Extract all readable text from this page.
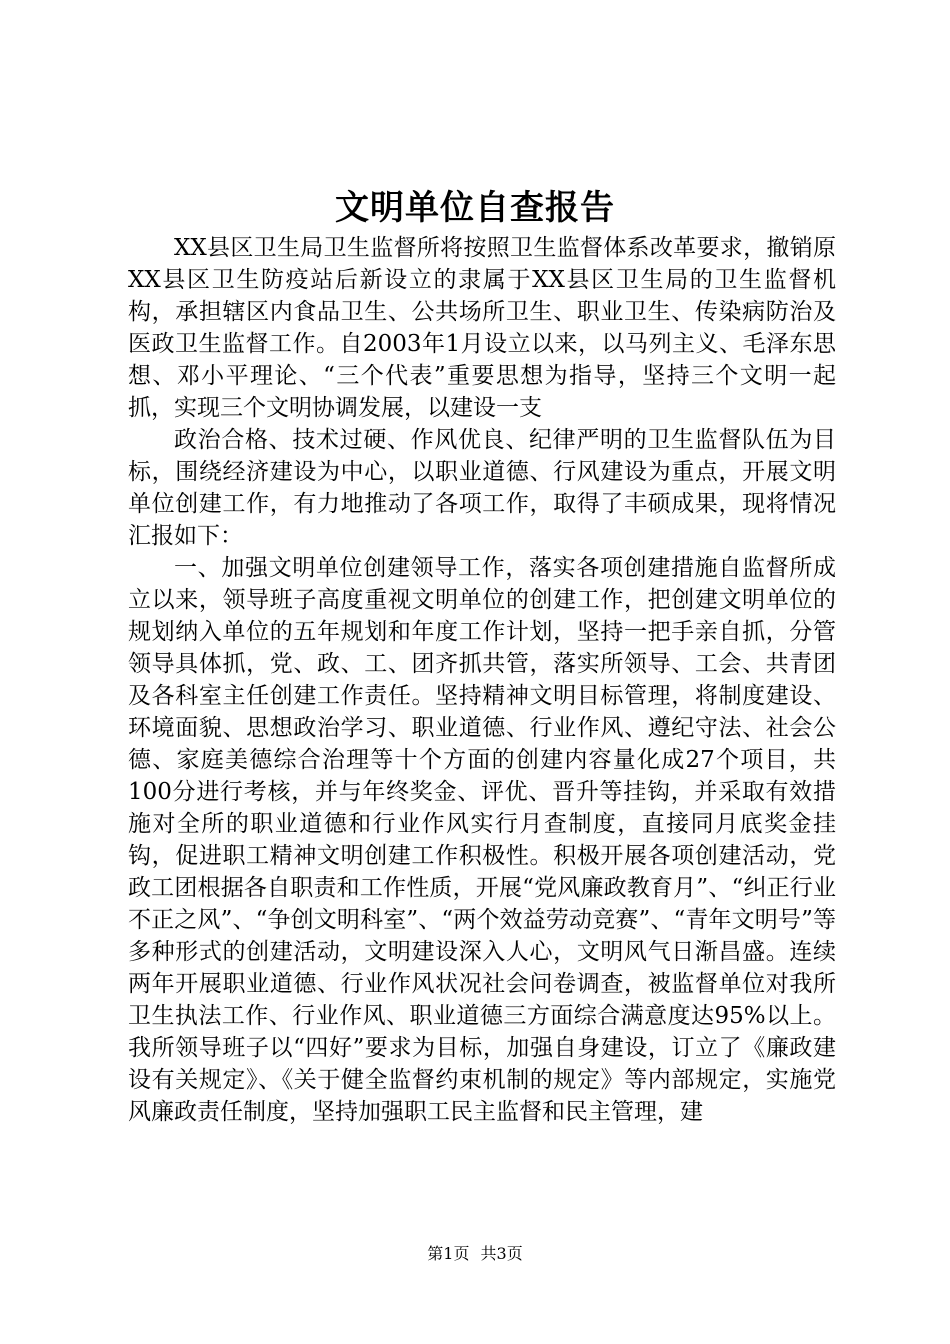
文明单位自查报告

XX县区卫生局卫生监督所将按照卫生监督体系改革要求，撤销原XX县区卫生防疫站后新设立的隶属于XX县区卫生局的卫生监督机构，承担辖区内食品卫生、公共场所卫生、职业卫生、传染病防治及医政卫生监督工作。自2003年1月设立以来，以马列主义、毛泽东思想、邓小平理论、“三个代表”重要思想为指导，坚持三个文明一起抓，实现三个文明协调发展，以建设一支

政治合格、技术过硬、作风优良、纪律严明的卫生监督队伍为目标，围绕经济建设为中心，以职业道德、行风建设为重点，开展文明单位创建工作，有力地推动了各项工作，取得了丰硕成果，现将情况汇报如下：

一、加强文明单位创建领导工作，落实各项创建措施自监督所成立以来，领导班子高度重视文明单位的创建工作，把创建文明单位的规划纳入单位的五年规划和年度工作计划，坚持一把手亲自抓，分管领导具体抓，党、政、工、团齐抓共管，落实所领导、工会、共青团及各科室主任创建工作责任。坚持精神文明目标管理，将制度建设、环境面貌、思想政治学习、职业道德、行业作风、遵纪守法、社会公德、家庭美德综合治理等十个方面的创建内容量化成27个项目，共100分进行考核，并与年终奖金、评优、晋升等挂钩，并采取有效措施对全所的职业道德和行业作风实行月查制度，直接同月底奖金挂钩，促进职工精神文明创建工作积极性。积极开展各项创建活动，党政工团根据各自职责和工作性质，开展“党风廉政教育月”、“纠正行业不正之风”、“争创文明科室”、“两个效益劳动竞赛”、“青年文明号”等多种形式的创建活动，文明建设深入人心，文明风气日渐昌盛。连续两年开展职业道德、行业作风状况社会问卷调查，被监督单位对我所卫生执法工作、行业作风、职业道德三方面综合满意度达95%以上。我所领导班子以“四好”要求为目标，加强自身建设，订立了《廉政建设有关规定》、《关于健全监督约束机制的规定》等内部规定，实施党风廉政责任制度，坚持加强职工民主监督和民主管理，建

第1页 共3页
